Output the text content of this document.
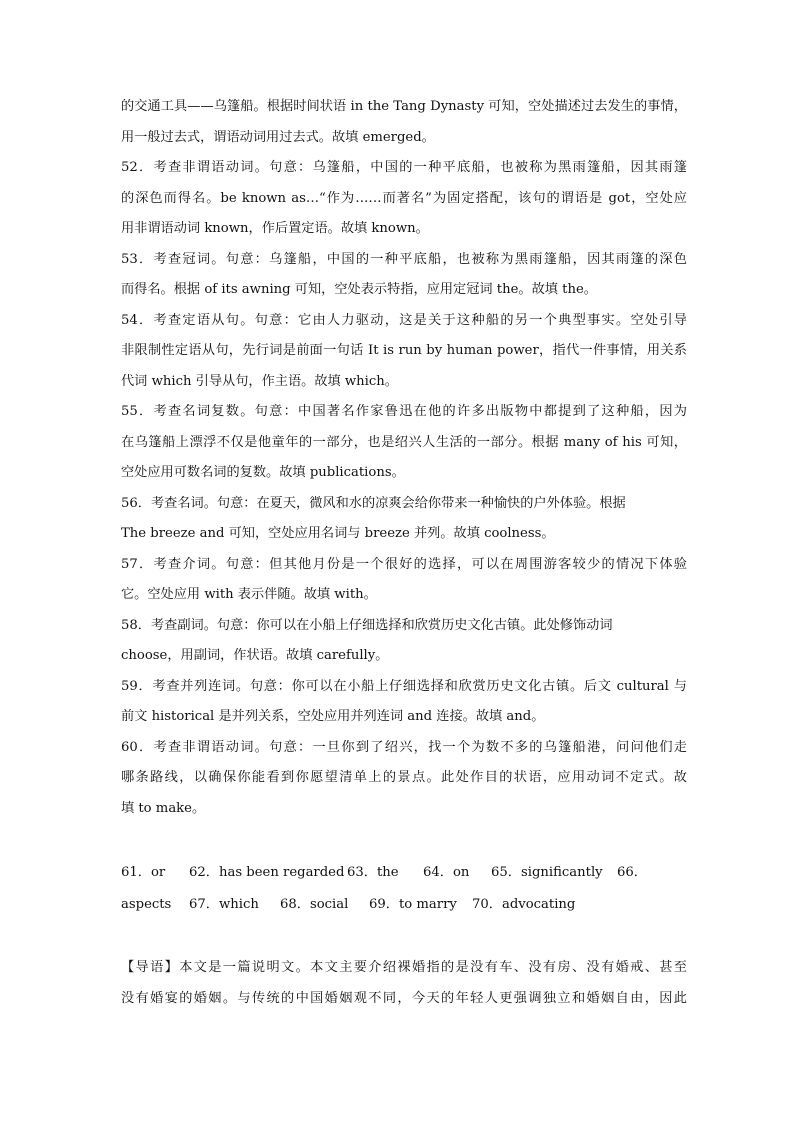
的交通工具——乌篷船。根据时间状语 in the Tang Dynasty 可知，空处描述过去发生的事情，
用一般过去式，谓语动词用过去式。故填 emerged。
52．考查非谓语动词。句意：乌篷船，中国的一种平底船，也被称为黑雨篷船，因其雨篷
的深色而得名。be known as…“作为……而著名”为固定搭配，该句的谓语是 got，空处应
用非谓语动词 known，作后置定语。故填 known。
53．考查冠词。句意：乌篷船，中国的一种平底船，也被称为黑雨篷船，因其雨篷的深色
而得名。根据 of its awning 可知，空处表示特指，应用定冠词 the。故填 the。
54．考查定语从句。句意：它由人力驱动，这是关于这种船的另一个典型事实。空处引导
非限制性定语从句，先行词是前面一句话 It is run by human power，指代一件事情，用关系
代词 which 引导从句，作主语。故填 which。
55．考查名词复数。句意：中国著名作家鲁迅在他的许多出版物中都提到了这种船，因为
在乌篷船上漂浮不仅是他童年的一部分，也是绍兴人生活的一部分。根据 many of his 可知，
空处应用可数名词的复数。故填 publications。
56．考查名词。句意：在夏天，微风和水的凉爽会给你带来一种愉快的户外体验。根据
The breeze and 可知，空处应用名词与 breeze 并列。故填 coolness。
57．考查介词。句意：但其他月份是一个很好的选择，可以在周围游客较少的情况下体验
它。空处应用 with 表示伴随。故填 with。
58．考查副词。句意：你可以在小船上仔细选择和欣赏历史文化古镇。此处修饰动词
choose，用副词，作状语。故填 carefully。
59．考查并列连词。句意：你可以在小船上仔细选择和欣赏历史文化古镇。后文 cultural 与
前文 historical 是并列关系，空处应用并列连词 and 连接。故填 and。
60．考查非谓语动词。句意：一旦你到了绍兴，找一个为数不多的乌篷船港，问问他们走
哪条路线，以确保你能看到你愿望清单上的景点。此处作目的状语，应用动词不定式。故
填 to make。
61．or 62．has been regarded 63．the 64．on 65．significantly 66．
aspects 67．which 68．social 69．to marry 70．advocating
【导语】本文是一篇说明文。本文主要介绍裸婚指的是没有车、没有房、没有婚戒、甚至
没有婚宴的婚姻。与传统的中国婚姻观不同，今天的年轻人更强调独立和婚姻自由，因此
